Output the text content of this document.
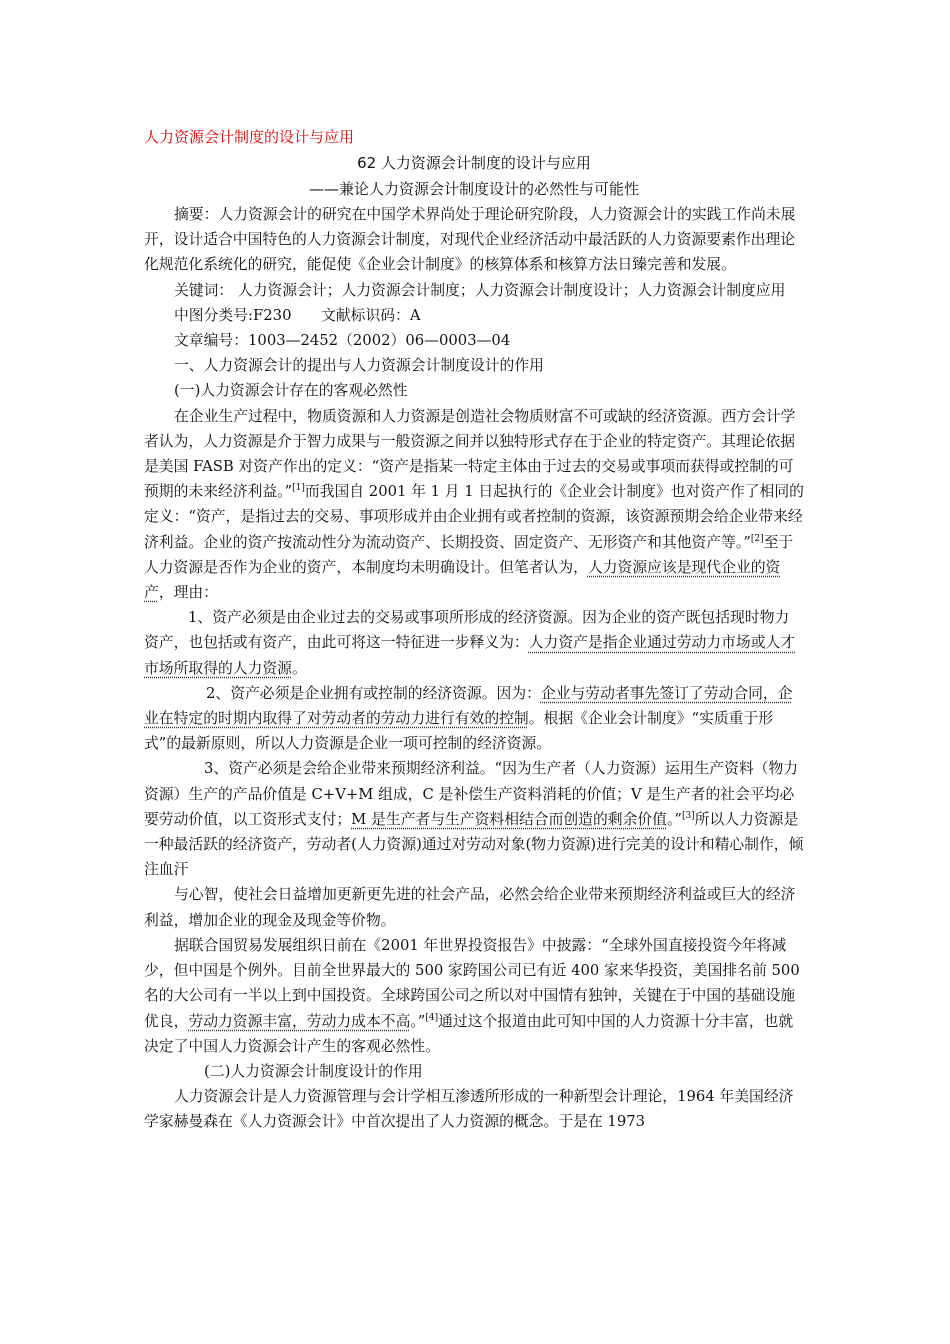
人力资源会计制度的设计与应用

62 人力资源会计制度的设计与应用

——兼论人力资源会计制度设计的必然性与可能性

摘要：人力资源会计的研究在中国学术界尚处于理论研究阶段，人力资源会计的实践工作尚未展开，设计适合中国特色的人力资源会计制度，对现代企业经济活动中最活跃的人力资源要素作出理论化规范化系统化的研究，能促使《企业会计制度》的核算体系和核算方法日臻完善和发展。

关键词： 人力资源会计；人力资源会计制度；人力资源会计制度设计；人力资源会计制度应用

中图分类号:F230　　文献标识码：A

文章编号：1003—2452（2002）06—0003—04

一、人力资源会计的提出与人力资源会计制度设计的作用

(一)人力资源会计存在的客观必然性

在企业生产过程中，物质资源和人力资源是创造社会物质财富不可或缺的经济资源。西方会计学者认为，人力资源是介于智力成果与一般资源之间并以独特形式存在于企业的特定资产。其理论依据是美国 FASB 对资产作出的定义：“资产是指某一特定主体由于过去的交易或事项而获得或控制的可预期的未来经济利益。”[1]而我国自 2001 年 1 月 1 日起执行的《企业会计制度》也对资产作了相同的定义：“资产，是指过去的交易、事项形成并由企业拥有或者控制的资源，该资源预期会给企业带来经济利益。企业的资产按流动性分为流动资产、长期投资、固定资产、无形资产和其他资产等。”[2]至于人力资源是否作为企业的资产，本制度均未明确设计。但笔者认为，人力资源应该是现代企业的资产，理由：

1、资产必须是由企业过去的交易或事项所形成的经济资源。因为企业的资产既包括现时物力资产，也包括或有资产，由此可将这一特征进一步释义为：人力资产是指企业通过劳动力市场或人才市场所取得的人力资源。

2、资产必须是企业拥有或控制的经济资源。因为：企业与劳动者事先签订了劳动合同，企业在特定的时期内取得了对劳动者的劳动力进行有效的控制。根据《企业会计制度》“实质重于形式”的最新原则，所以人力资源是企业一项可控制的经济资源。

3、资产必须是会给企业带来预期经济利益。“因为生产者（人力资源）运用生产资料（物力资源）生产的产品价值是 C+V+M 组成，C 是补偿生产资料消耗的价值；V 是生产者的社会平均必要劳动价值，以工资形式支付；M 是生产者与生产资料相结合而创造的剩余价值。”[3]所以人力资源是一种最活跃的经济资产，劳动者(人力资源)通过对劳动对象(物力资源)进行完美的设计和精心制作，倾注血汗

与心智，使社会日益增加更新更先进的社会产品，必然会给企业带来预期经济利益或巨大的经济利益，增加企业的现金及现金等价物。

据联合国贸易发展组织日前在《2001 年世界投资报告》中披露：“全球外国直接投资今年将减少，但中国是个例外。目前全世界最大的 500 家跨国公司已有近 400 家来华投资，美国排名前 500 名的大公司有一半以上到中国投资。全球跨国公司之所以对中国情有独钟，关键在于中国的基础设施优良，劳动力资源丰富，劳动力成本不高。”[4]通过这个报道由此可知中国的人力资源十分丰富，也就决定了中国人力资源会计产生的客观必然性。

(二)人力资源会计制度设计的作用

人力资源会计是人力资源管理与会计学相互渗透所形成的一种新型会计理论，1964 年美国经济学家赫曼森在《人力资源会计》中首次提出了人力资源的概念。于是在 1973
